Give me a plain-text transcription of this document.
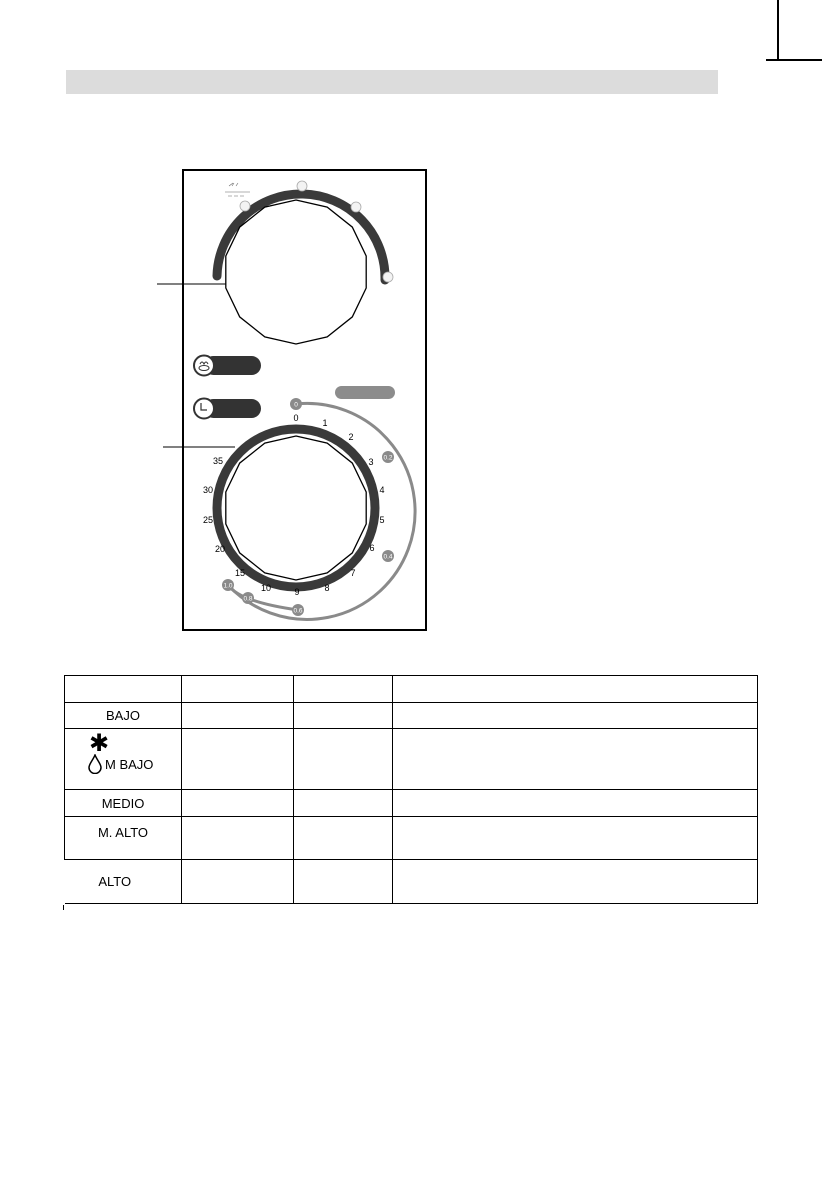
0	1
2
3
4
5
6
7
8
9
10
15
20
25
30
35
0
0.2
0.4
0.6
0.8
1.0

BAJO			

✱
M BAJO			

MEDIO			

M. ALTO			

ALTO			
